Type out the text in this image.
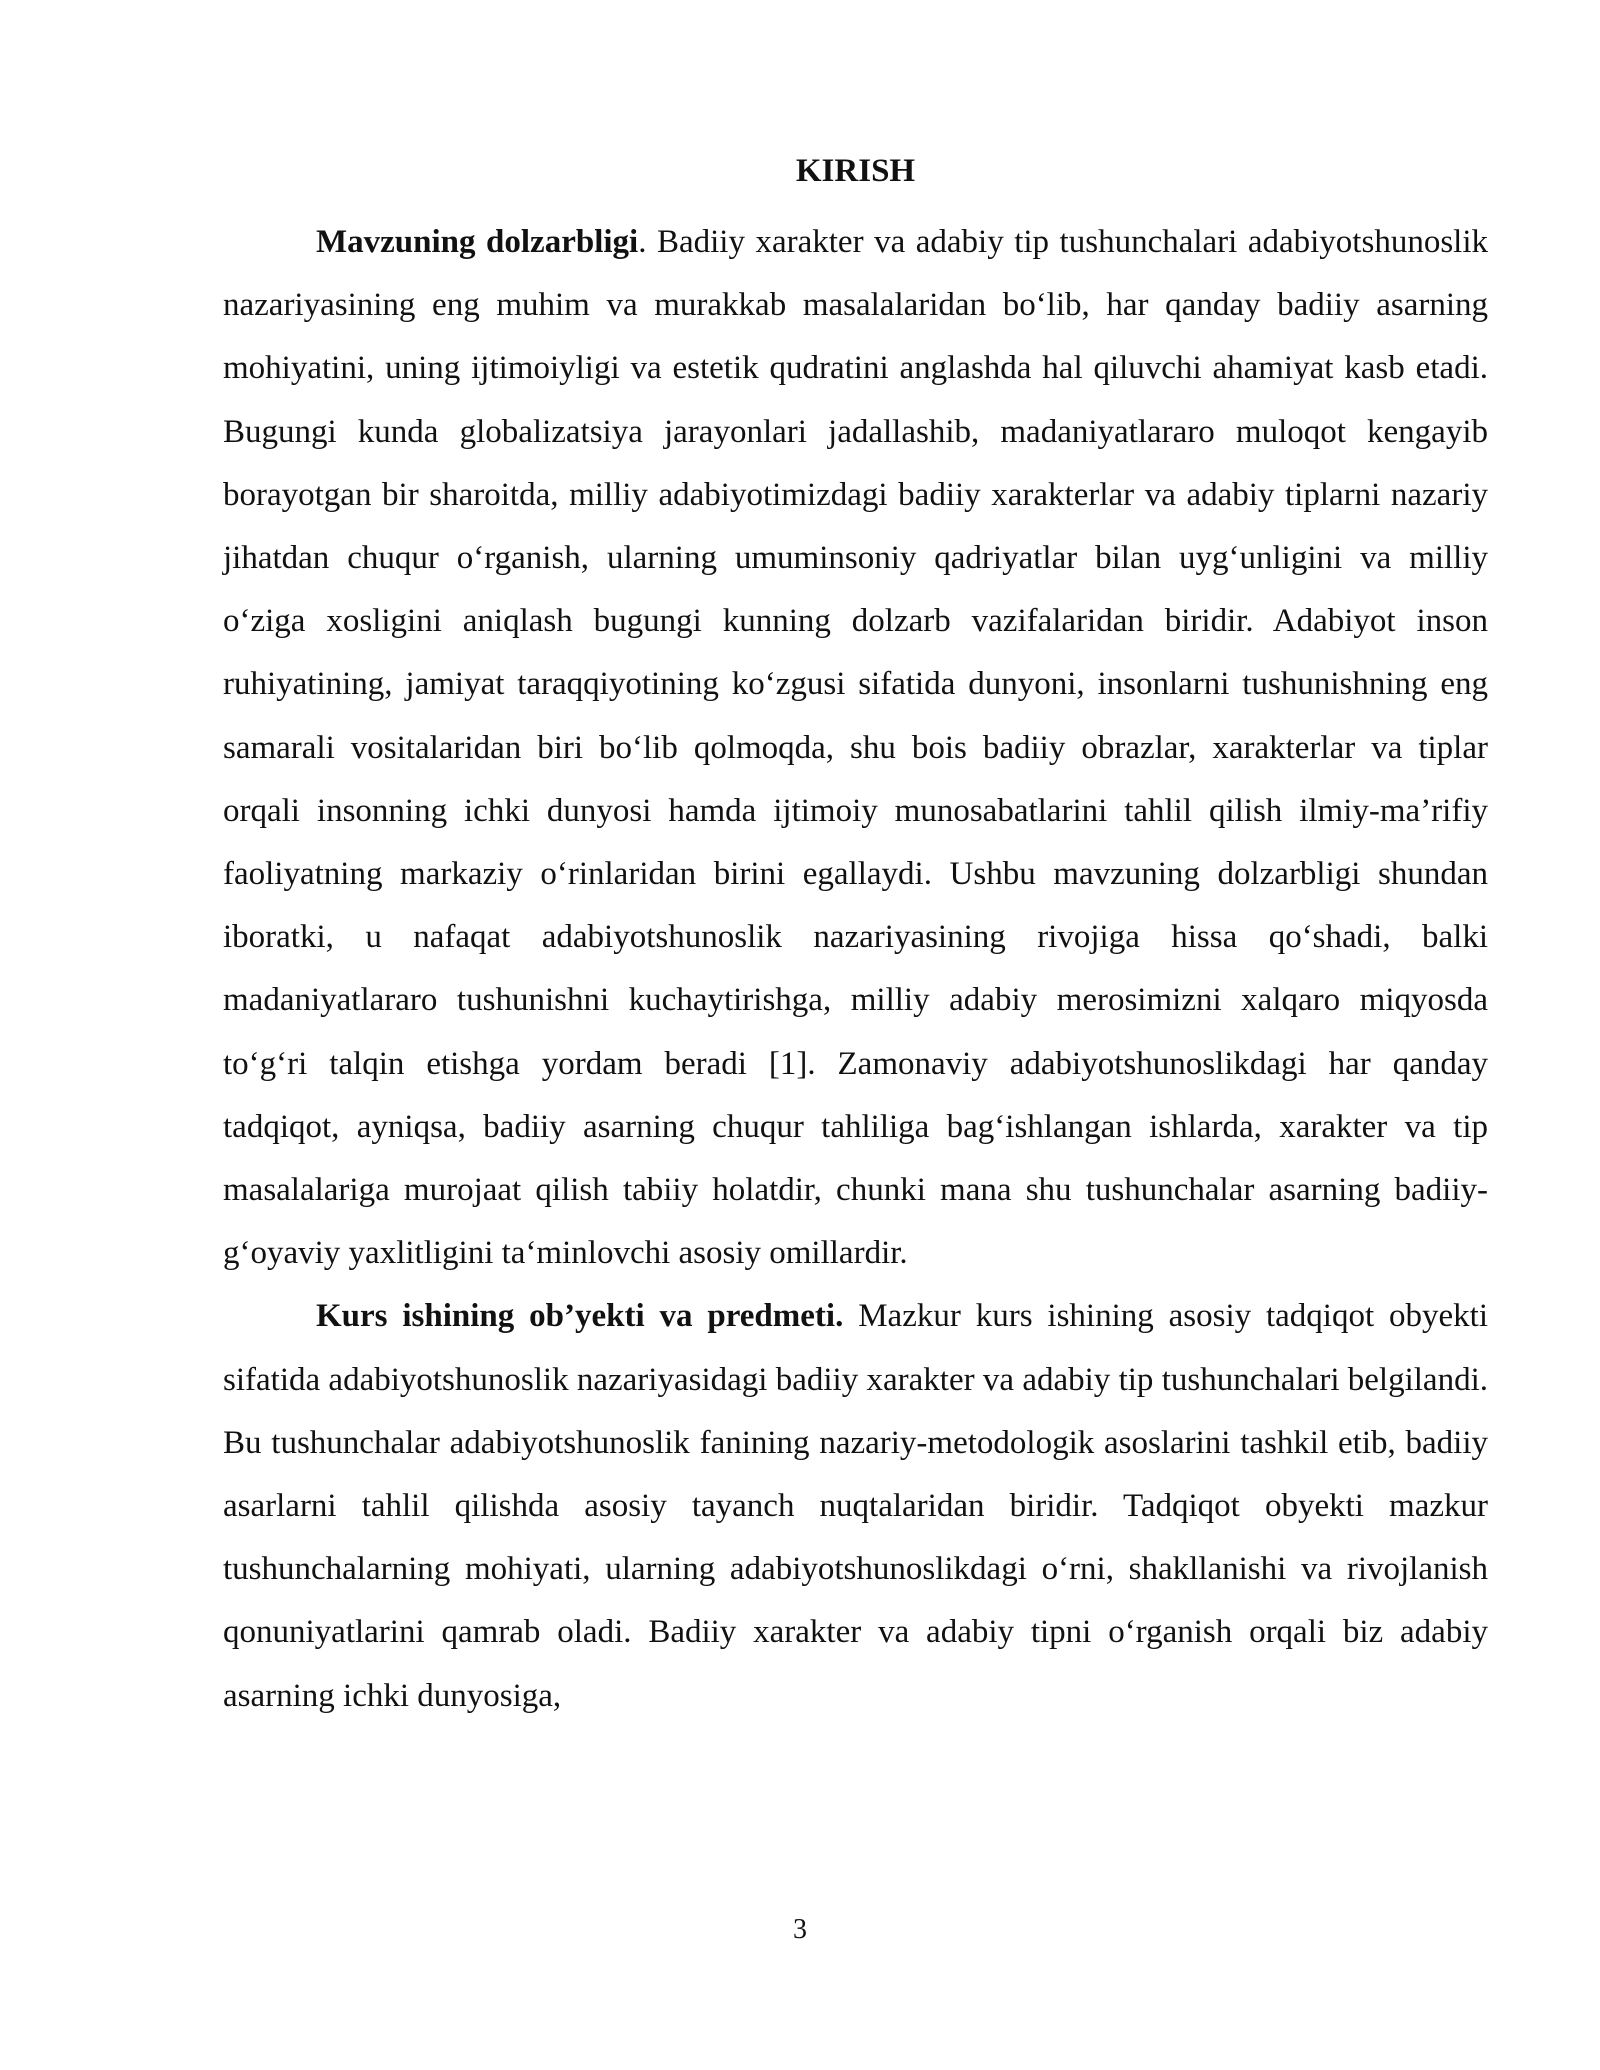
KIRISH

Mavzuning dolzarbligi. Badiiy xarakter va adabiy tip tushunchalari adabiyotshunoslik nazariyasining eng muhim va murakkab masalalaridan bo‘lib, har qanday badiiy asarning mohiyatini, uning ijtimoiyligi va estetik qudratini anglashda hal qiluvchi ahamiyat kasb etadi. Bugungi kunda globalizatsiya jarayonlari jadallashib, madaniyatlararo muloqot kengayib borayotgan bir sharoitda, milliy adabiyotimizdagi badiiy xarakterlar va adabiy tiplarni nazariy jihatdan chuqur o‘rganish, ularning umuminsoniy qadriyatlar bilan uyg‘unligini va milliy o‘ziga xosligini aniqlash bugungi kunning dolzarb vazifalaridan biridir. Adabiyot inson ruhiyatining, jamiyat taraqqiyotining ko‘zgusi sifatida dunyoni, insonlarni tushunishning eng samarali vositalaridan biri bo‘lib qolmoqda, shu bois badiiy obrazlar, xarakterlar va tiplar orqali insonning ichki dunyosi hamda ijtimoiy munosabatlarini tahlil qilish ilmiy-ma’rifiy faoliyatning markaziy o‘rinlaridan birini egallaydi. Ushbu mavzuning dolzarbligi shundan iboratki, u nafaqat adabiyotshunoslik nazariyasining rivojiga hissa qo‘shadi, balki madaniyatlararo tushunishni kuchaytirishga, milliy adabiy merosimizni xalqaro miqyosda to‘g‘ri talqin etishga yordam beradi [1]. Zamonaviy adabiyotshunoslikdagi har qanday tadqiqot, ayniqsa, badiiy asarning chuqur tahliliga bag‘ishlangan ishlarda, xarakter va tip masalalariga murojaat qilish tabiiy holatdir, chunki mana shu tushunchalar asarning badiiy-g‘oyaviy yaxlitligini ta‘minlovchi asosiy omillardir.

Kurs ishining ob’yekti va predmeti. Mazkur kurs ishining asosiy tadqiqot obyekti sifatida adabiyotshunoslik nazariyasidagi badiiy xarakter va adabiy tip tushunchalari belgilandi. Bu tushunchalar adabiyotshunoslik fanining nazariy-metodologik asoslarini tashkil etib, badiiy asarlarni tahlil qilishda asosiy tayanch nuqtalaridan biridir. Tadqiqot obyekti mazkur tushunchalarning mohiyati, ularning adabiyotshunoslikdagi o‘rni, shakllanishi va rivojlanish qonuniyatlarini qamrab oladi. Badiiy xarakter va adabiy tipni o‘rganish orqali biz adabiy asarning ichki dunyosiga,

3
